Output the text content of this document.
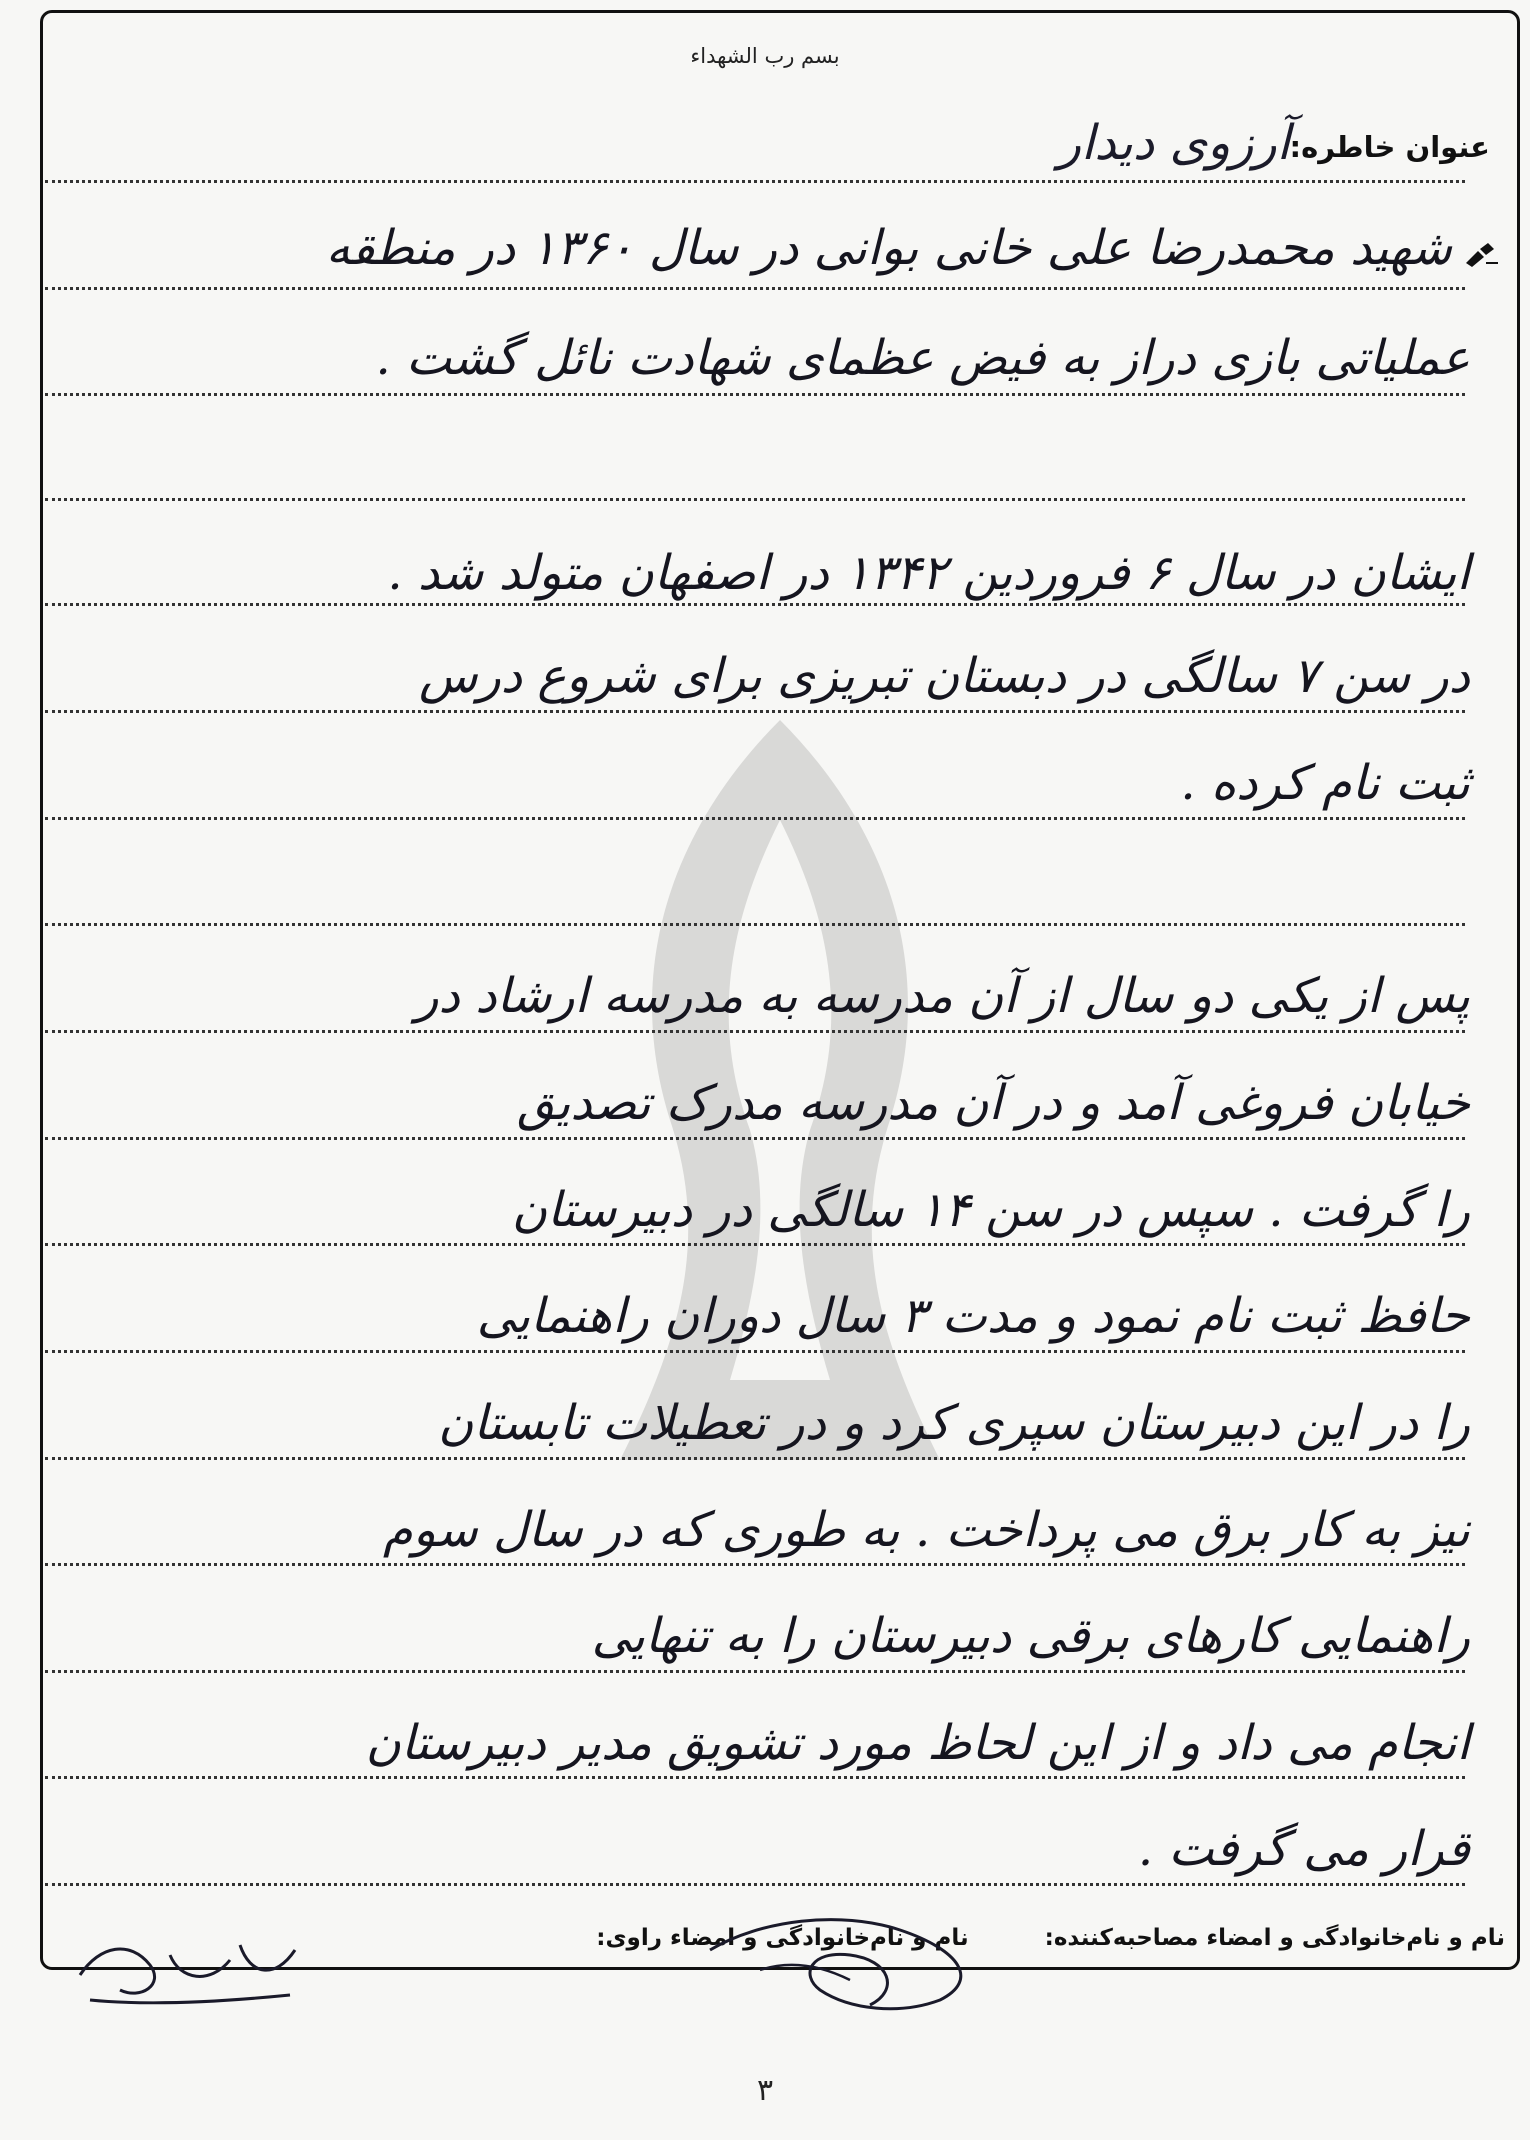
بسم رب الشهداء
عنوان خاطره:
آرزوی دیدار
شهید محمدرضا علی خانی بوانی در سال ۱۳۶۰ در منطقه
عملیاتی بازی دراز به فیض عظمای شهادت نائل گشت .
ایشان در سال ۶ فروردین ۱۳۴۲ در اصفهان متولد شد .
در سن ۷ سالگی در دبستان تبریزی برای شروع درس
ثبت نام کرده .
پس از یکی دو سال از آن مدرسه به مدرسه ارشاد در
خیابان فروغی آمد و در آن مدرسه مدرک تصدیق
را گرفت . سپس در سن ۱۴ سالگی در دبیرستان
حافظ ثبت نام نمود و مدت ۳ سال دوران راهنمایی
را در این دبیرستان سپری کرد و در تعطیلات تابستان
نیز به کار برق می پرداخت . به طوری که در سال سوم
راهنمایی کارهای برقی دبیرستان را به تنهایی
انجام می داد و از این لحاظ مورد تشویق مدیر دبیرستان
قرار می گرفت .
نام و نام‌خانوادگی و امضاء مصاحبه‌کننده:  نام و نام‌خانوادگی و امضاء راوی:
۳
